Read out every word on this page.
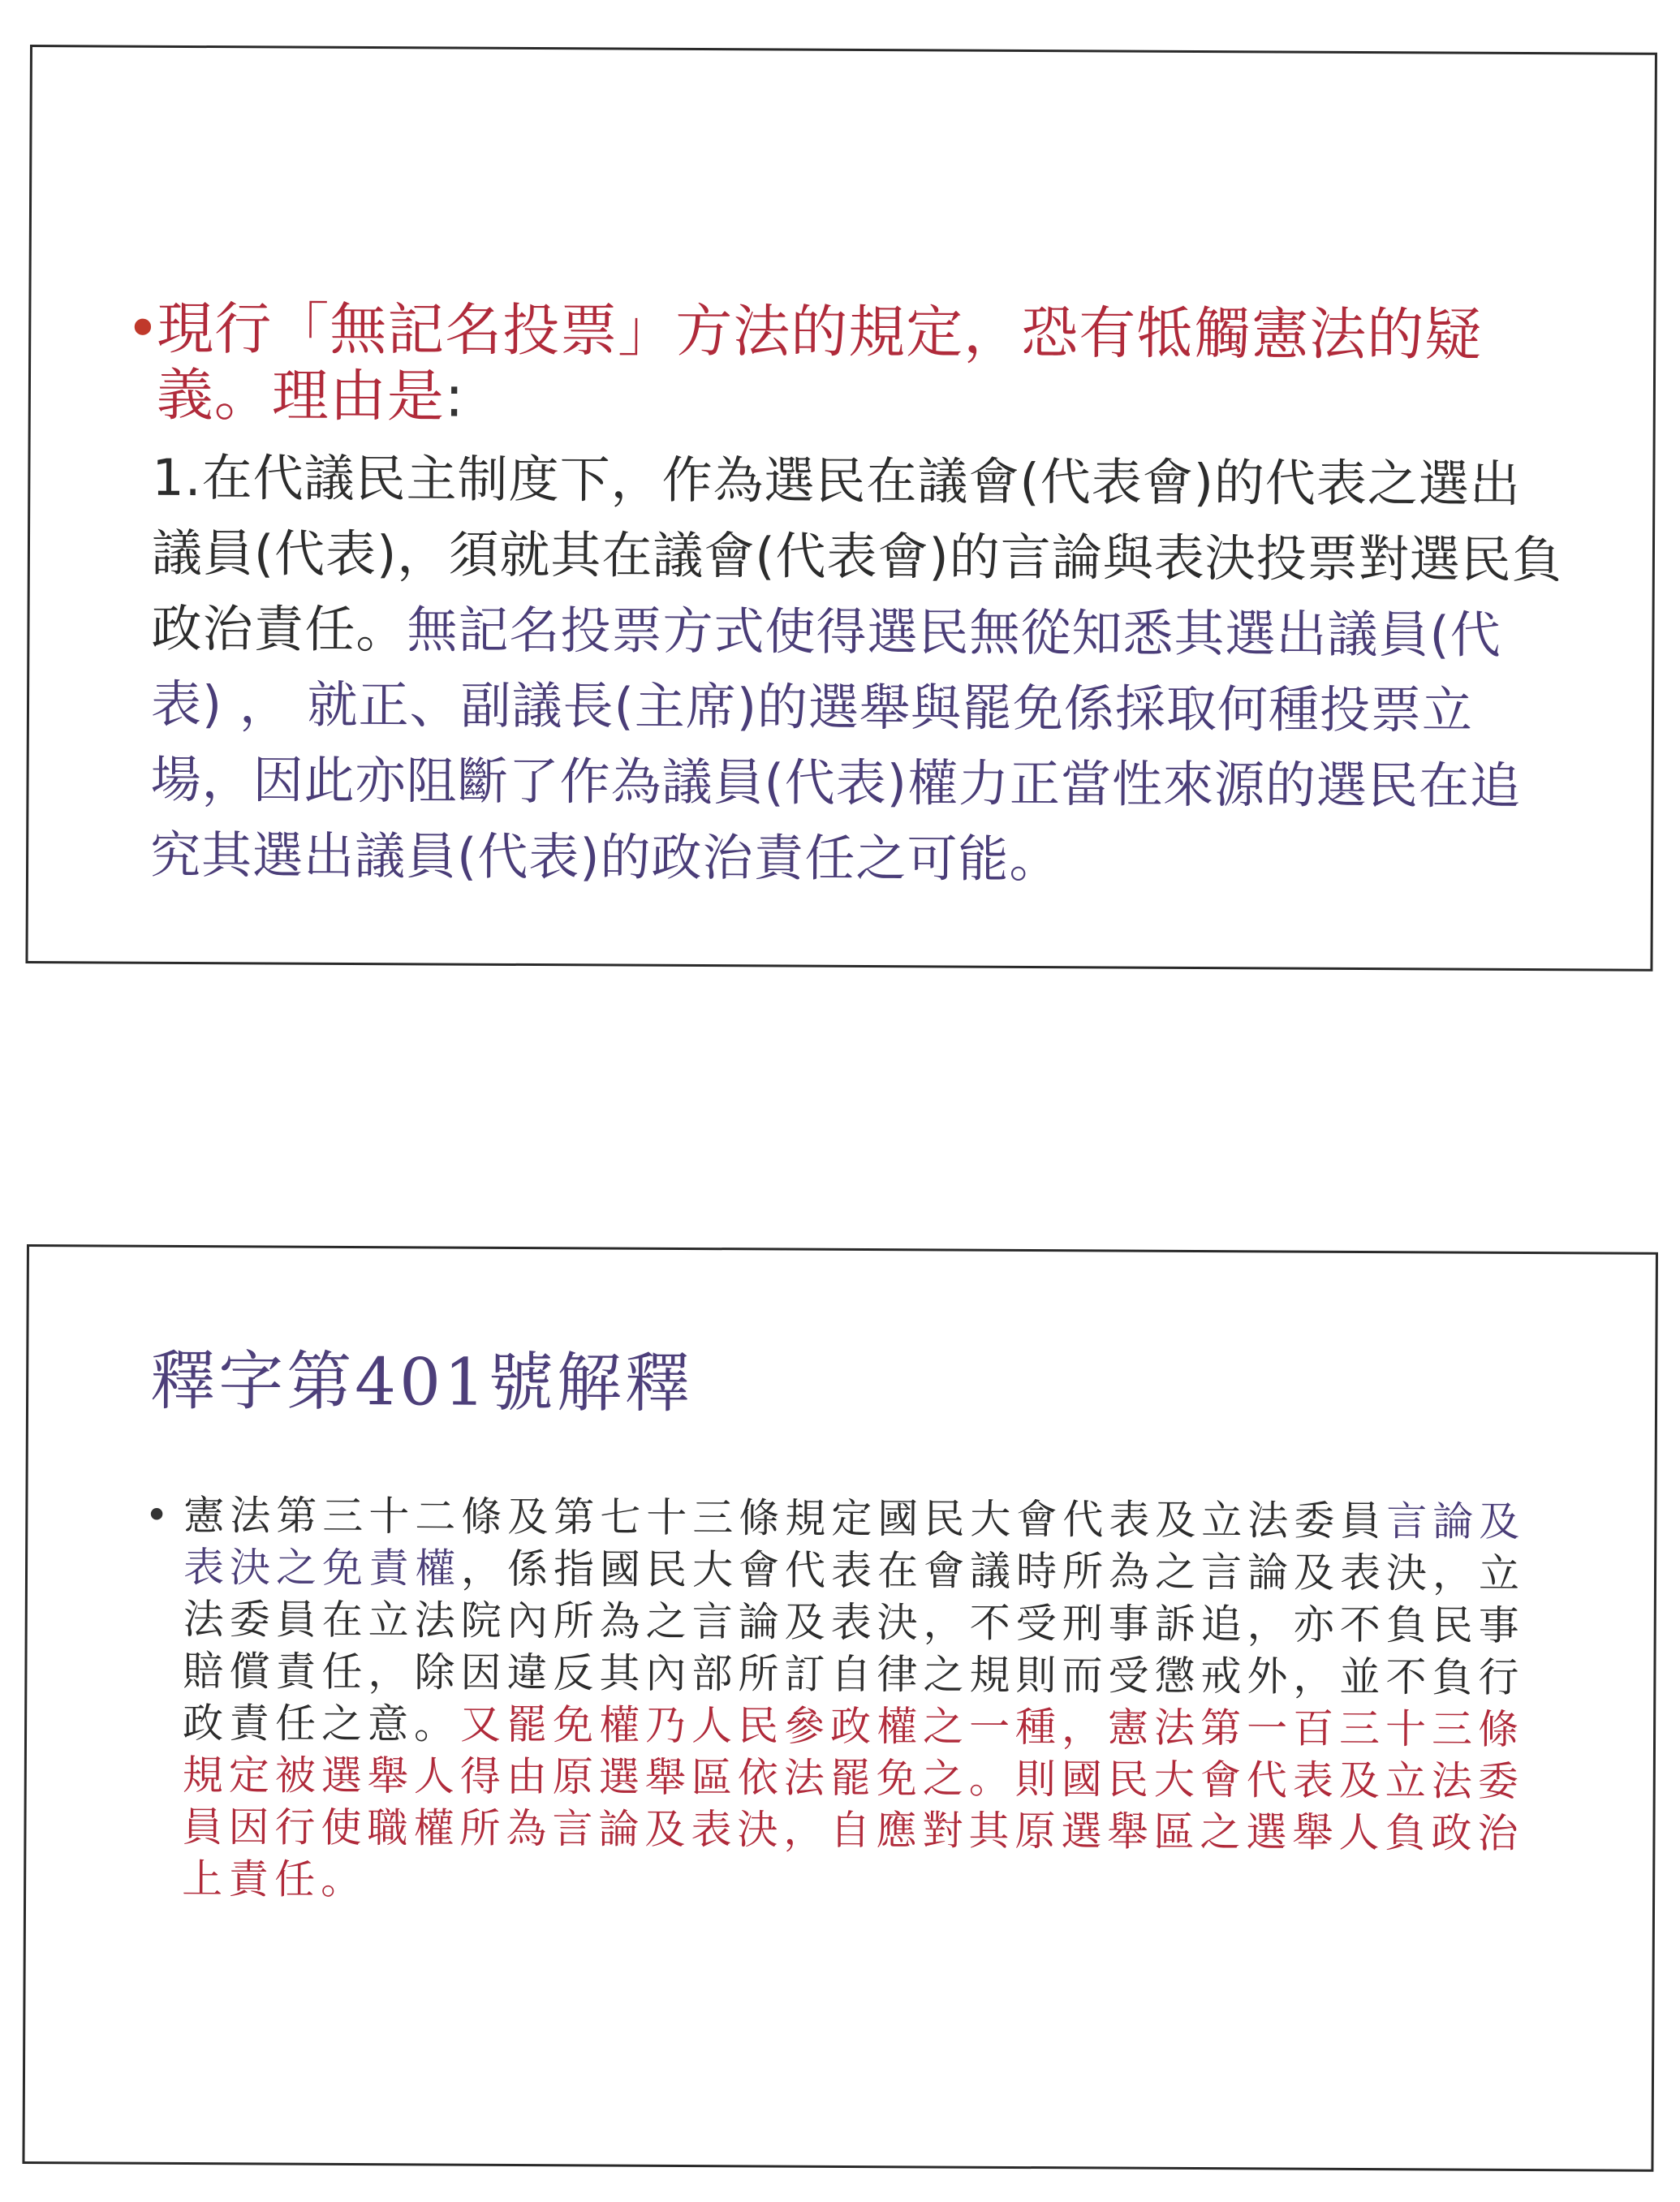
•
現行「無記名投票」方法的規定，恐有牴觸憲法的疑義。理由是:
1.在代議民主制度下，作為選民在議會(代表會)的代表之選出議員(代表)，須就其在議會(代表會)的言論與表決投票對選民負政治責任。無記名投票方式使得選民無從知悉其選出議員(代表) ， 就正、副議長(主席)的選舉與罷免係採取何種投票立場，因此亦阻斷了作為議員(代表)權力正當性來源的選民在追究其選出議員(代表)的政治責任之可能。
釋字第401號解釋
• 憲法第三十二條及第七十三條規定國民大會代表及立法委員言論及表決之免責權，係指國民大會代表在會議時所為之言論及表決，立法委員在立法院內所為之言論及表決，不受刑事訴追，亦不負民事賠償責任，除因違反其內部所訂自律之規則而受懲戒外，並不負行政責任之意。又罷免權乃人民參政權之一種，憲法第一百三十三條規定被選舉人得由原選舉區依法罷免之。則國民大會代表及立法委員因行使職權所為言論及表決，自應對其原選舉區之選舉人負政治上責任。
